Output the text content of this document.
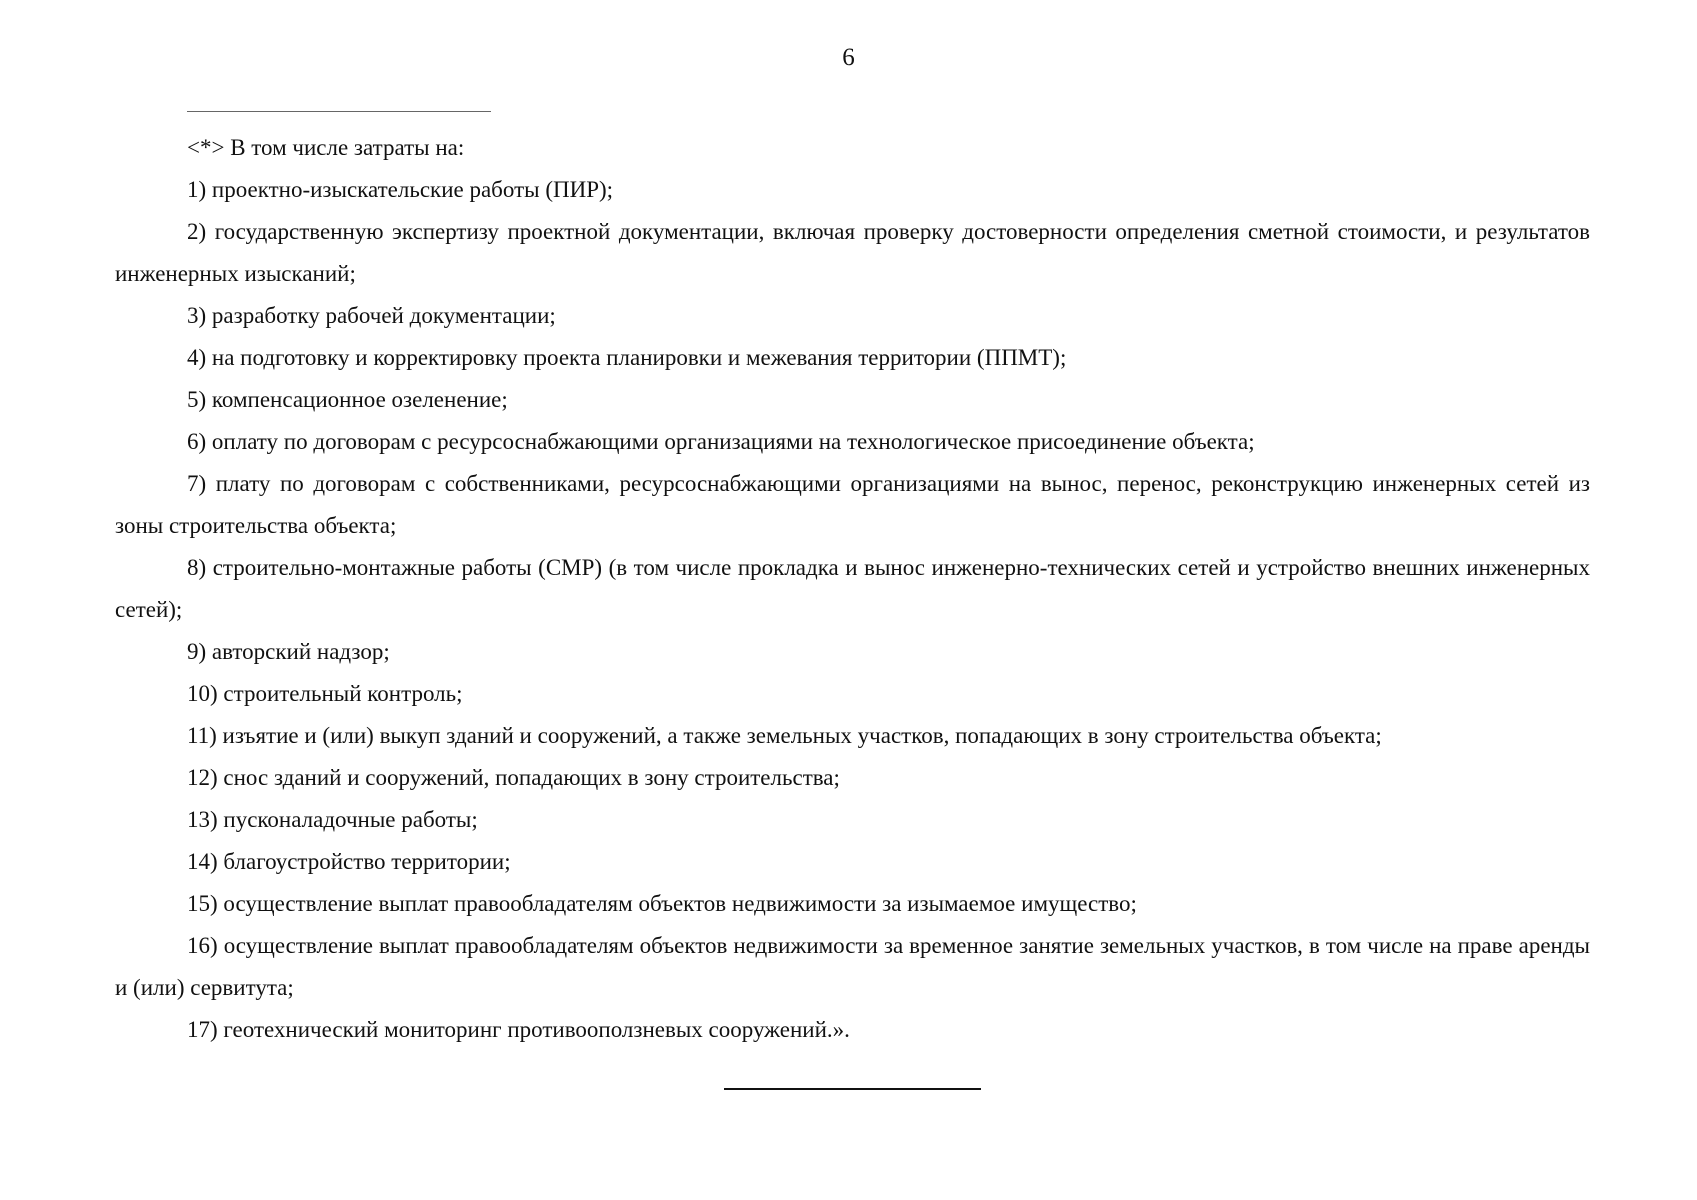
6

<*> В том числе затраты на:

1) проектно-изыскательские работы (ПИР);

2) государственную экспертизу проектной документации, включая проверку достоверности определения сметной стоимости, и результатов инженерных изысканий;

3) разработку рабочей документации;

4) на подготовку и корректировку проекта планировки и межевания территории (ППМТ);

5) компенсационное озеленение;

6) оплату по договорам с ресурсоснабжающими организациями на технологическое присоединение объекта;

7) плату по договорам с собственниками, ресурсоснабжающими организациями на вынос, перенос, реконструкцию инженерных сетей из зоны строительства объекта;

8) строительно-монтажные работы (СМР) (в том числе прокладка и вынос инженерно-технических сетей и устройство внешних инженерных сетей);

9) авторский надзор;

10) строительный контроль;

11) изъятие и (или) выкуп зданий и сооружений, а также земельных участков, попадающих в зону строительства объекта;

12) снос зданий и сооружений, попадающих в зону строительства;

13) пусконаладочные работы;

14) благоустройство территории;

15) осуществление выплат правообладателям объектов недвижимости за изымаемое имущество;

16) осуществление выплат правообладателям объектов недвижимости за временное занятие земельных участков, в том числе на праве аренды и (или) сервитута;

17) геотехнический мониторинг противооползневых сооружений.».
